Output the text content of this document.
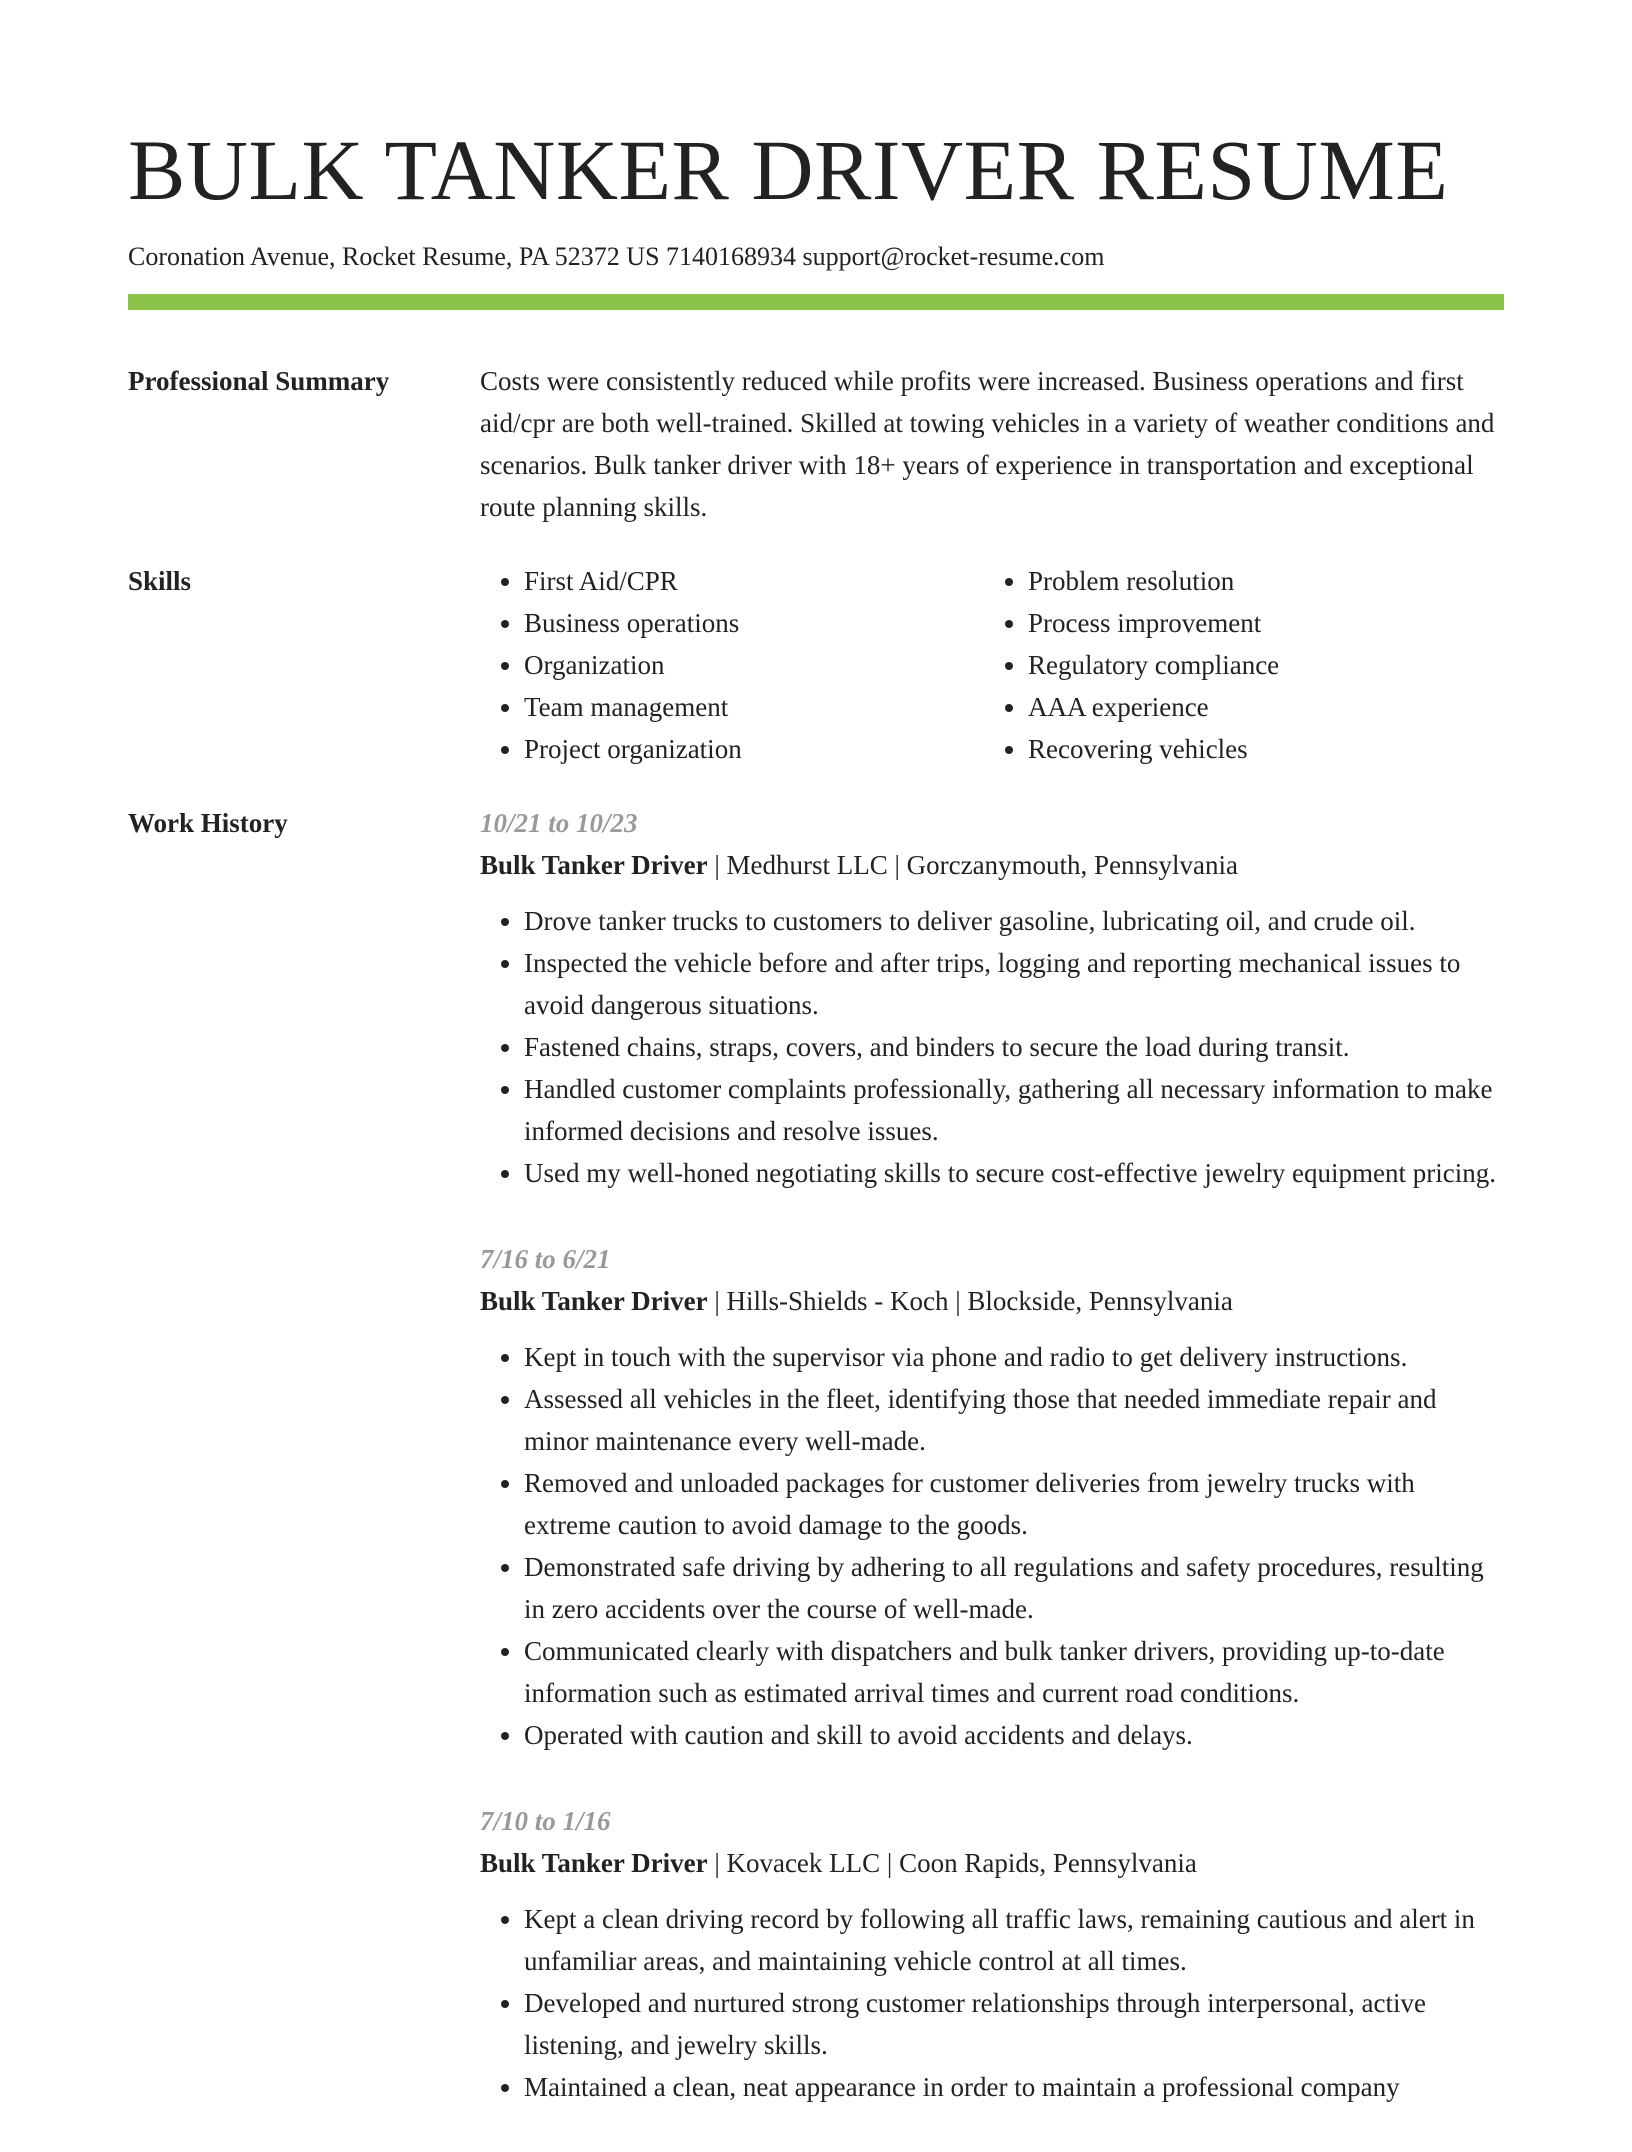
BULK TANKER DRIVER RESUME
Coronation Avenue, Rocket Resume, PA 52372 US 7140168934 support@rocket-resume.com
Professional Summary	Costs were consistently reduced while profits were increased. Business operations and first aid/cpr are both well-trained. Skilled at towing vehicles in a variety of weather conditions and scenarios. Bulk tanker driver with 18+ years of experience in transportation and exceptional route planning skills.
Skills
•	First Aid/CPR
• Business operations
• Organization
• Team management
• Project organization
• Problem resolution
• Process improvement
• Regulatory compliance
• AAA experience
• Recovering vehicles
Work History	10/21 to 10/23
Bulk Tanker Driver | Medhurst LLC | Gorczanymouth, Pennsylvania
• Drove tanker trucks to customers to deliver gasoline, lubricating oil, and crude oil.
• Inspected the vehicle before and after trips, logging and reporting mechanical issues to avoid dangerous situations.
• Fastened chains, straps, covers, and binders to secure the load during transit.
• Handled customer complaints professionally, gathering all necessary information to make informed decisions and resolve issues.
• Used my well-honed negotiating skills to secure cost-effective jewelry equipment pricing.
7/16 to 6/21
Bulk Tanker Driver | Hills-Shields - Koch | Blockside, Pennsylvania
• Kept in touch with the supervisor via phone and radio to get delivery instructions.
• Assessed all vehicles in the fleet, identifying those that needed immediate repair and minor maintenance every well-made.
• Removed and unloaded packages for customer deliveries from jewelry trucks with extreme caution to avoid damage to the goods.
• Demonstrated safe driving by adhering to all regulations and safety procedures, resulting in zero accidents over the course of well-made.
• Communicated clearly with dispatchers and bulk tanker drivers, providing up-to-date information such as estimated arrival times and current road conditions.
• Operated with caution and skill to avoid accidents and delays.
7/10 to 1/16
Bulk Tanker Driver | Kovacek LLC | Coon Rapids, Pennsylvania
• Kept a clean driving record by following all traffic laws, remaining cautious and alert in unfamiliar areas, and maintaining vehicle control at all times.
• Developed and nurtured strong customer relationships through interpersonal, active listening, and jewelry skills.
• Maintained a clean, neat appearance in order to maintain a professional company
